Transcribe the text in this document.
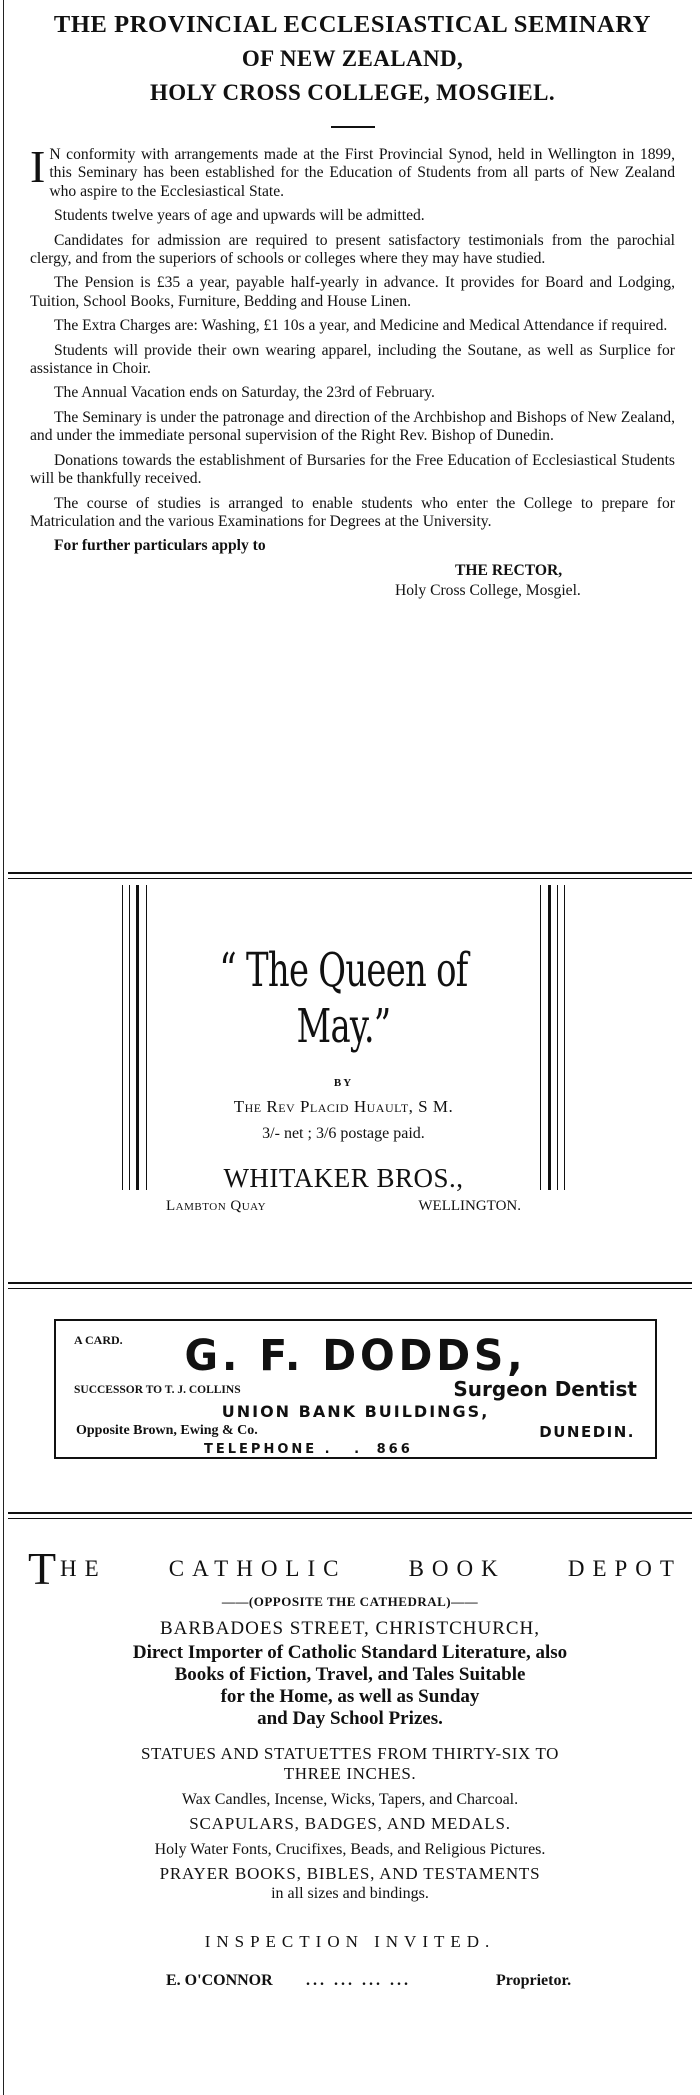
THE PROVINCIAL ECCLESIASTICAL SEMINARY

OF NEW ZEALAND,

HOLY CROSS COLLEGE, MOSGIEL.

I N conformity with arrangements made at the First Provincial Synod, held in Wellington in 1899, this Seminary has been established for the Education of Students from all parts of New Zealand who aspire to the Ecclesiastical State.

Students twelve years of age and upwards will be admitted.

Candidates for admission are required to present satisfactory testimonials from the parochial clergy, and from the superiors of schools or colleges where they may have studied.

The Pension is £35 a year, payable half-yearly in advance. It provides for Board and Lodging, Tuition, School Books, Furniture, Bedding and House Linen.

The Extra Charges are: Washing, £1 10s a year, and Medicine and Medical Attendance if required.

Students will provide their own wearing apparel, including the Soutane, as well as Surplice for assistance in Choir.

The Annual Vacation ends on Saturday, the 23rd of February.

The Seminary is under the patronage and direction of the Archbishop and Bishops of New Zealand, and under the immediate personal supervision of the Right Rev. Bishop of Dunedin.

Donations towards the establishment of Bursaries for the Free Education of Ecclesiastical Students will be thankfully received.

The course of studies is arranged to enable students who enter the College to prepare for Matriculation and the various Examinations for Degrees at the University.

For further particulars apply to

THE RECTOR,

Holy Cross College, Mosgiel.

“ The Queen of May.”
BY
The Rev Placid Huault, S M.
3/- net ; 3/6 postage paid.
WHITAKER BROS.,
Lambton Quay	WELLINGTON.
A CARD.	G. F. DODDS,
SUCCESSOR TO T. J. COLLINS	Surgeon Dentist
UNION BANK BUILDINGS,
Opposite Brown, Ewing & Co.	DUNEDIN.
TELEPHONE . . 866
T HE	CATHOLIC	BOOK	DEPOT
——(OPPOSITE THE CATHEDRAL)——
BARBADOES STREET, CHRISTCHURCH,
Direct Importer of Catholic Standard Literature, also
Books of Fiction, Travel, and Tales Suitable
for the Home, as well as Sunday
and Day School Prizes.
STATUES AND STATUETTES FROM THIRTY-SIX TO
THREE INCHES.
Wax Candles, Incense, Wicks, Tapers, and Charcoal.
SCAPULARS, BADGES, AND MEDALS.
Holy Water Fonts, Crucifixes, Beads, and Religious Pictures.
PRAYER BOOKS, BIBLES, AND TESTAMENTS
in all sizes and bindings.
INSPECTION INVITED.
E. O'CONNOR ... ... ... ...	Proprietor.
